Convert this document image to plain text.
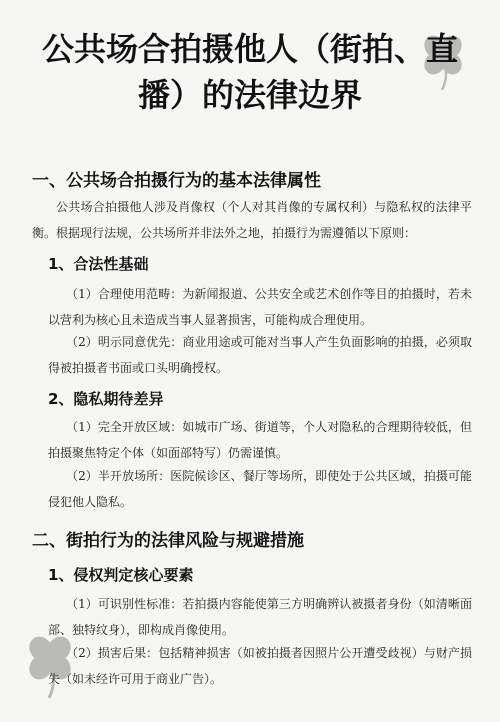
公共场合拍摄他人（街拍、直
播）的法律边界
一、公共场合拍摄行为的基本法律属性
公共场合拍摄他人涉及肖像权（个人对其肖像的专属权利）与隐私权的法律平衡。根据现行法规，公共场所并非法外之地，拍摄行为需遵循以下原则：
1、合法性基础
（1）合理使用范畴：为新闻报道、公共安全或艺术创作等目的拍摄时，若未以营利为核心且未造成当事人显著损害，可能构成合理使用。
（2）明示同意优先：商业用途或可能对当事人产生负面影响的拍摄，必须取得被拍摄者书面或口头明确授权。
2、隐私期待差异
（1）完全开放区域：如城市广场、街道等，个人对隐私的合理期待较低，但拍摄聚焦特定个体（如面部特写）仍需谨慎。
（2）半开放场所：医院候诊区、餐厅等场所，即使处于公共区域，拍摄可能侵犯他人隐私。
二、街拍行为的法律风险与规避措施
1、侵权判定核心要素
（1）可识别性标准：若拍摄内容能使第三方明确辨认被摄者身份（如清晰面部、独特纹身），即构成肖像使用。
（2）损害后果：包括精神损害（如被拍摄者因照片公开遭受歧视）与财产损失（如未经许可用于商业广告）。
